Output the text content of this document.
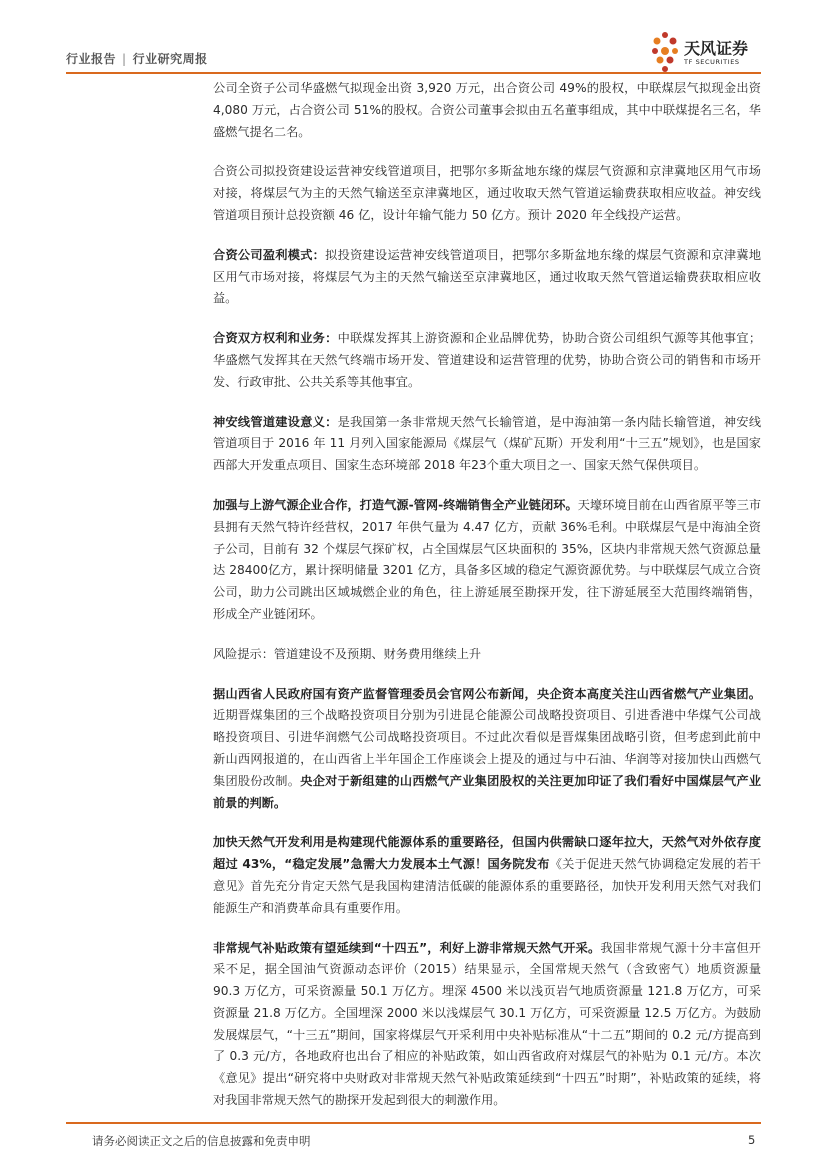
行业报告 | 行业研究周报
天风证券
TF SECURITIES

公司全资子公司华盛燃气拟现金出资 3,920 万元，出合资公司 49%的股权，中联煤层气拟现金出资 4,080 万元，占合资公司 51%的股权。合资公司董事会拟由五名董事组成，其中中联煤提名三名，华盛燃气提名二名。

合资公司拟投资建设运营神安线管道项目，把鄂尔多斯盆地东缘的煤层气资源和京津冀地区用气市场对接，将煤层气为主的天然气输送至京津冀地区，通过收取天然气管道运输费获取相应收益。神安线管道项目预计总投资额 46 亿，设计年输气能力 50 亿方。预计 2020 年全线投产运营。

合资公司盈利模式：拟投资建设运营神安线管道项目，把鄂尔多斯盆地东缘的煤层气资源和京津冀地区用气市场对接，将煤层气为主的天然气输送至京津冀地区，通过收取天然气管道运输费获取相应收益。

合资双方权利和业务：中联煤发挥其上游资源和企业品牌优势，协助合资公司组织气源等其他事宜；华盛燃气发挥其在天然气终端市场开发、管道建设和运营管理的优势，协助合资公司的销售和市场开发、行政审批、公共关系等其他事宜。

神安线管道建设意义：是我国第一条非常规天然气长输管道，是中海油第一条内陆长输管道，神安线管道项目于 2016 年 11 月列入国家能源局《煤层气（煤矿瓦斯）开发利用“十三五”规划》，也是国家西部大开发重点项目、国家生态环境部 2018 年23个重大项目之一、国家天然气保供项目。

加强与上游气源企业合作，打造气源-管网-终端销售全产业链闭环。天壕环境目前在山西省原平等三市县拥有天然气特许经营权，2017 年供气量为 4.47 亿方，贡献 36%毛利。中联煤层气是中海油全资子公司，目前有 32 个煤层气探矿权，占全国煤层气区块面积的 35%，区块内非常规天然气资源总量达 28400亿方，累计探明储量 3201 亿方，具备多区域的稳定气源资源优势。与中联煤层气成立合资公司，助力公司跳出区域城燃企业的角色，往上游延展至勘探开发，往下游延展至大范围终端销售，形成全产业链闭环。

风险提示：管道建设不及预期、财务费用继续上升

据山西省人民政府国有资产监督管理委员会官网公布新闻，央企资本高度关注山西省燃气产业集团。近期晋煤集团的三个战略投资项目分别为引进昆仑能源公司战略投资项目、引进香港中华煤气公司战略投资项目、引进华润燃气公司战略投资项目。不过此次看似是晋煤集团战略引资，但考虑到此前中新山西网报道的，在山西省上半年国企工作座谈会上提及的通过与中石油、华润等对接加快山西燃气集团股份改制。央企对于新组建的山西燃气产业集团股权的关注更加印证了我们看好中国煤层气产业前景的判断。

加快天然气开发利用是构建现代能源体系的重要路径，但国内供需缺口逐年拉大，天然气对外依存度超过 43%，“稳定发展”急需大力发展本土气源！国务院发布《关于促进天然气协调稳定发展的若干意见》首先充分肯定天然气是我国构建清洁低碳的能源体系的重要路径，加快开发利用天然气对我们能源生产和消费革命具有重要作用。

非常规气补贴政策有望延续到“十四五”，利好上游非常规天然气开采。我国非常规气源十分丰富但开采不足，据全国油气资源动态评价（2015）结果显示，全国常规天然气（含致密气）地质资源量 90.3 万亿方，可采资源量 50.1 万亿方。埋深 4500 米以浅页岩气地质资源量 121.8 万亿方，可采资源量 21.8 万亿方。全国埋深 2000 米以浅煤层气 30.1 万亿方，可采资源量 12.5 万亿方。为鼓励发展煤层气，“十三五”期间，国家将煤层气开采利用中央补贴标准从“十二五”期间的 0.2 元/方提高到了 0.3 元/方，各地政府也出台了相应的补贴政策，如山西省政府对煤层气的补贴为 0.1 元/方。本次《意见》提出“研究将中央财政对非常规天然气补贴政策延续到“十四五”时期”，补贴政策的延续，将对我国非常规天然气的勘探开发起到很大的刺激作用。

请务必阅读正文之后的信息披露和免责申明	5
